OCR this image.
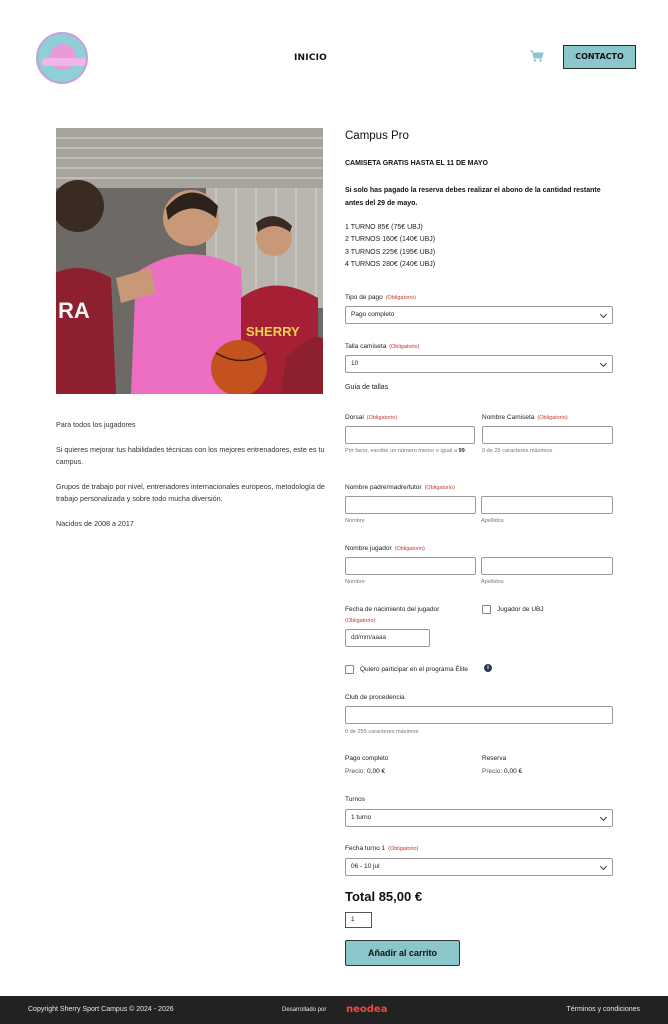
INICIO	CONTACTO
RA
SHERRY

Para todos los jugadores

Si quieres mejorar tus habilidades técnicas con los mejores entrenadores, este es tu campus.

Grupos de trabajo por nivel, entrenadores internacionales europeos, metodología de trabajo personalizada y sobre todo mucha diversión.

Nacidos de 2008 a 2017

Campus Pro
CAMISETA GRATIS HASTA EL 11 DE MAYO
Si solo has pagado la reserva debes realizar el abono de la cantidad restante antes del 29 de mayo.
1 TURNO 85€ (75€ UBJ)
2 TURNOS 160€ (140€ UBJ)
3 TURNOS 225€ (195€ UBJ)
4 TURNOS 280€ (240€ UBJ)
Tipo de pago (Obligatorio)
Pago completo
Talla camiseta (Obligatorio)
10
Guía de tallas
Dorsal (Obligatorio)
Por favor, escribe un número menor o igual a 99.
Nombre Camiseta (Obligatorio)
0 de 25 caracteres máximos
Nombre padre/madre/tutor (Obligatorio)
Nombre	Apellidos
Nombre jugador (Obligatorio)
Nombre	Apellidos
Fecha de nacimiento del jugador
(Obligatorio)
dd/mm/aaaa
Jugador de UBJ
Quiero participar en el programa Élite	i
Club de procedencia
0 de 255 caracteres máximos
Pago completo
Precio: 0,00 €
Reserva
Precio: 0,00 €
Turnos
1 turno
Fecha turno 1 (Obligatorio)
06 - 10 jul
Total 85,00 €
1
Añadir al carrito
Copyright Sherry Sport Campus © 2024 - 2026	Desarrollado por neodea	Términos y condiciones
